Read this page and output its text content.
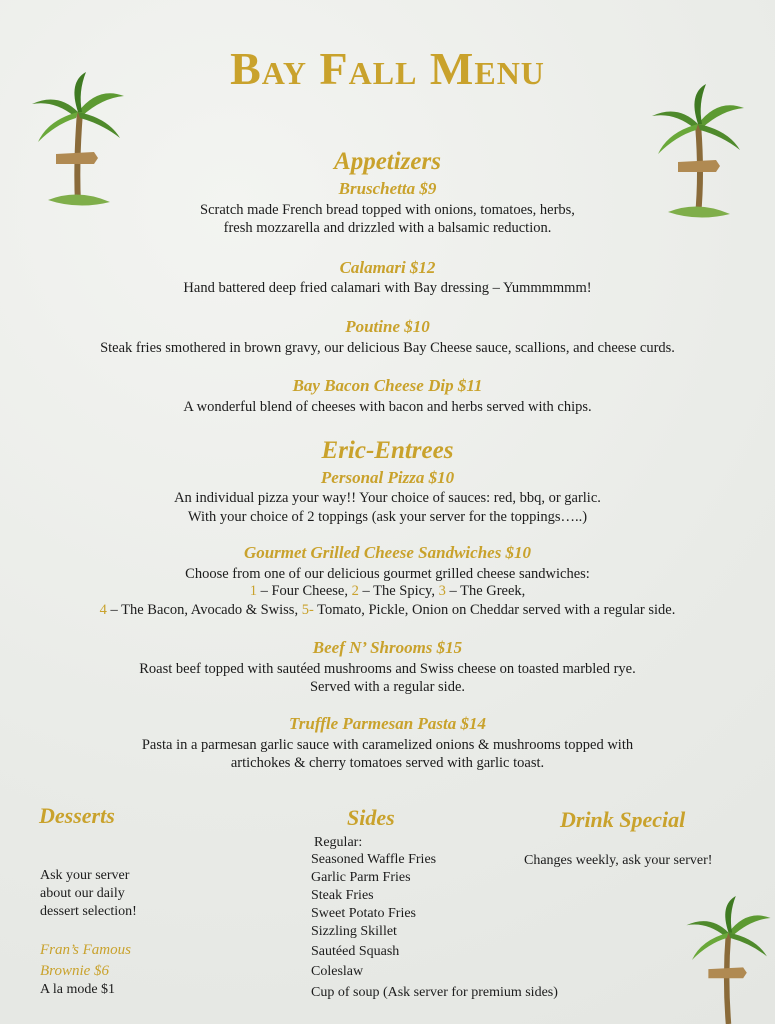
Bay Fall Menu
Appetizers
Bruschetta $9
Scratch made French bread topped with onions, tomatoes, herbs,
fresh mozzarella and drizzled with a balsamic reduction.
Calamari $12
Hand battered deep fried calamari with Bay dressing – Yummmmmm!
Poutine $10
Steak fries smothered in brown gravy, our delicious Bay Cheese sauce, scallions, and cheese curds.
Bay Bacon Cheese Dip $11
A wonderful blend of cheeses with bacon and herbs served with chips.
Eric-Entrees
Personal Pizza $10
An individual pizza your way!! Your choice of sauces: red, bbq, or garlic.
With your choice of 2 toppings (ask your server for the toppings…..)
Gourmet Grilled Cheese Sandwiches $10
Choose from one of our delicious gourmet grilled cheese sandwiches:
1 – Four Cheese, 2 – The Spicy, 3 – The Greek,
4 – The Bacon, Avocado & Swiss, 5- Tomato, Pickle, Onion on Cheddar served with a regular side.
Beef N’ Shrooms $15
Roast beef topped with sautéed mushrooms and Swiss cheese on toasted marbled rye.
Served with a regular side.
Truffle Parmesan Pasta $14
Pasta in a parmesan garlic sauce with caramelized onions & mushrooms topped with
artichokes & cherry tomatoes served with garlic toast.
Desserts
Ask your server
about our daily
dessert selection!
Fran’s Famous
Brownie $6
A la mode $1
Sides
Regular:
Seasoned Waffle Fries
Garlic Parm Fries
Steak Fries
Sweet Potato Fries
Sizzling Skillet
Sautéed Squash
Coleslaw
Cup of soup (Ask server for premium sides)
Drink Special
Changes weekly, ask your server!
